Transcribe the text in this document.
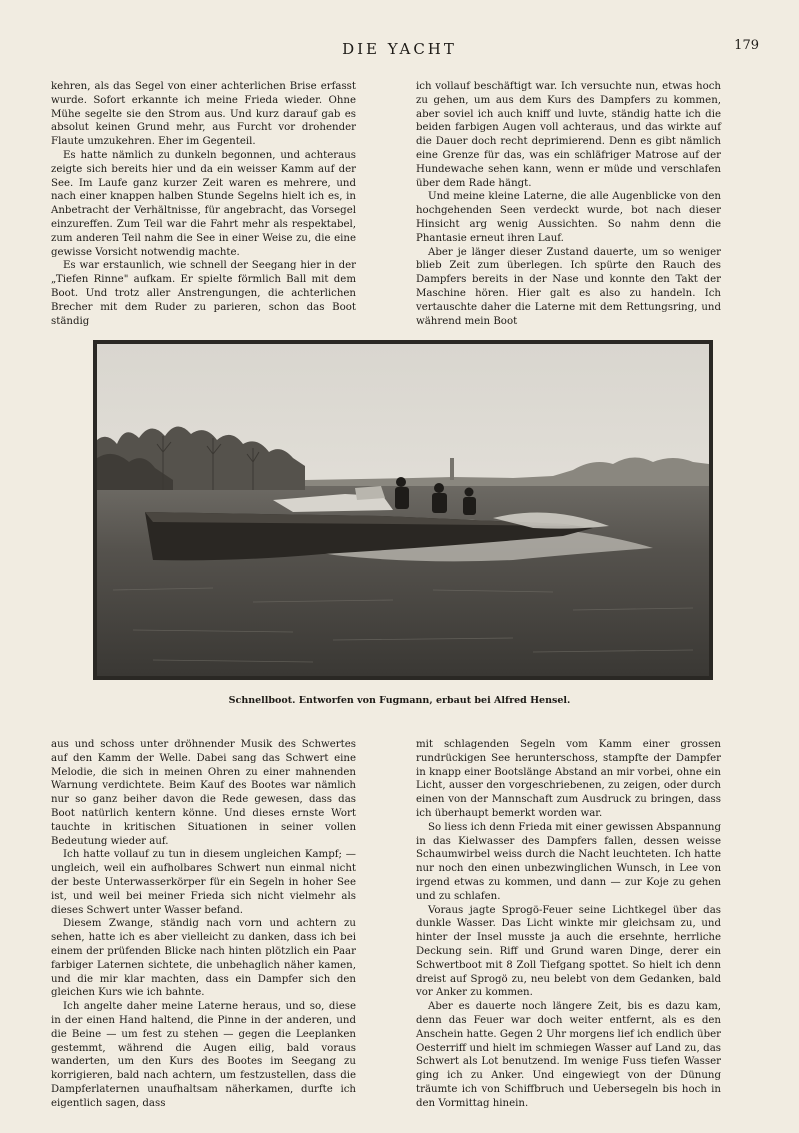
DIE YACHT	179

kehren, als das Segel von einer achterlichen Brise erfasst wurde. Sofort erkannte ich meine Frieda wieder. Ohne Mühe segelte sie den Strom aus. Und kurz darauf gab es absolut keinen Grund mehr, aus Furcht vor drohender Flaute umzukehren. Eher im Gegenteil.

Es hatte nämlich zu dunkeln begonnen, und achteraus zeigte sich bereits hier und da ein weisser Kamm auf der See. Im Laufe ganz kurzer Zeit waren es mehrere, und nach einer knappen halben Stunde Segelns hielt ich es, in Anbetracht der Verhältnisse, für angebracht, das Vorsegel einzureffen. Zum Teil war die Fahrt mehr als respektabel, zum anderen Teil nahm die See in einer Weise zu, die eine gewisse Vorsicht notwendig machte.

Es war erstaunlich, wie schnell der Seegang hier in der „Tiefen Rinne" aufkam. Er spielte förmlich Ball mit dem Boot. Und trotz aller Anstrengungen, die achterlichen Brecher mit dem Ruder zu parieren, schon das Boot ständig

ich vollauf beschäftigt war. Ich versuchte nun, etwas hoch zu gehen, um aus dem Kurs des Dampfers zu kommen, aber soviel ich auch kniff und luvte, ständig hatte ich die beiden farbigen Augen voll achteraus, und das wirkte auf die Dauer doch recht deprimierend. Denn es gibt nämlich eine Grenze für das, was ein schläfriger Matrose auf der Hundewache sehen kann, wenn er müde und verschlafen über dem Rade hängt.

Und meine kleine Laterne, die alle Augenblicke von den hochgehenden Seen verdeckt wurde, bot nach dieser Hinsicht arg wenig Aussichten. So nahm denn die Phantasie erneut ihren Lauf.

Aber je länger dieser Zustand dauerte, um so weniger blieb Zeit zum überlegen. Ich spürte den Rauch des Dampfers bereits in der Nase und konnte den Takt der Maschine hören. Hier galt es also zu handeln. Ich vertauschte daher die Laterne mit dem Rettungsring, und während mein Boot

Schnellboot. Entworfen von Fugmann, erbaut bei Alfred Hensel.

aus und schoss unter dröhnender Musik des Schwertes auf den Kamm der Welle. Dabei sang das Schwert eine Melodie, die sich in meinen Ohren zu einer mahnenden Warnung verdichtete. Beim Kauf des Bootes war nämlich nur so ganz beiher davon die Rede gewesen, dass das Boot natürlich kentern könne. Und dieses ernste Wort tauchte in kritischen Situationen in seiner vollen Bedeutung wieder auf.

Ich hatte vollauf zu tun in diesem ungleichen Kampf; — ungleich, weil ein aufholbares Schwert nun einmal nicht der beste Unterwasserkörper für ein Segeln in hoher See ist, und weil bei meiner Frieda sich nicht vielmehr als dieses Schwert unter Wasser befand.

Diesem Zwange, ständig nach vorn und achtern zu sehen, hatte ich es aber vielleicht zu danken, dass ich bei einem der prüfenden Blicke nach hinten plötzlich ein Paar farbiger Laternen sichtete, die unbehaglich näher kamen, und die mir klar machten, dass ein Dampfer sich den gleichen Kurs wie ich bahnte.

Ich angelte daher meine Laterne heraus, und so, diese in der einen Hand haltend, die Pinne in der anderen, und die Beine — um fest zu stehen — gegen die Leeplanken gestemmt, während die Augen eilig, bald voraus wanderten, um den Kurs des Bootes im Seegang zu korrigieren, bald nach achtern, um festzustellen, dass die Dampferlaternen unaufhaltsam näherkamen, durfte ich eigentlich sagen, dass

mit schlagenden Segeln vom Kamm einer grossen rundrückigen See herunterschoss, stampfte der Dampfer in knapp einer Bootslänge Abstand an mir vorbei, ohne ein Licht, ausser den vorgeschriebenen, zu zeigen, oder durch einen von der Mannschaft zum Ausdruck zu bringen, dass ich überhaupt bemerkt worden war.

So liess ich denn Frieda mit einer gewissen Abspannung in das Kielwasser des Dampfers fallen, dessen weisse Schaumwirbel weiss durch die Nacht leuchteten. Ich hatte nur noch den einen unbezwinglichen Wunsch, in Lee von irgend etwas zu kommen, und dann — zur Koje zu gehen und zu schlafen.

Voraus jagte Sprogö-Feuer seine Lichtkegel über das dunkle Wasser. Das Licht winkte mir gleichsam zu, und hinter der Insel musste ja auch die ersehnte, herrliche Deckung sein. Riff und Grund waren Dinge, derer ein Schwertboot mit 8 Zoll Tiefgang spottet. So hielt ich denn dreist auf Sprogö zu, neu belebt von dem Gedanken, bald vor Anker zu kommen.

Aber es dauerte noch längere Zeit, bis es dazu kam, denn das Feuer war doch weiter entfernt, als es den Anschein hatte. Gegen 2 Uhr morgens lief ich endlich über Oesterriff und hielt im schmiegen Wasser auf Land zu, das Schwert als Lot benutzend. Im wenige Fuss tiefen Wasser ging ich zu Anker. Und eingewiegt von der Dünung träumte ich von Schiffbruch und Uebersegeln bis hoch in den Vormittag hinein.
